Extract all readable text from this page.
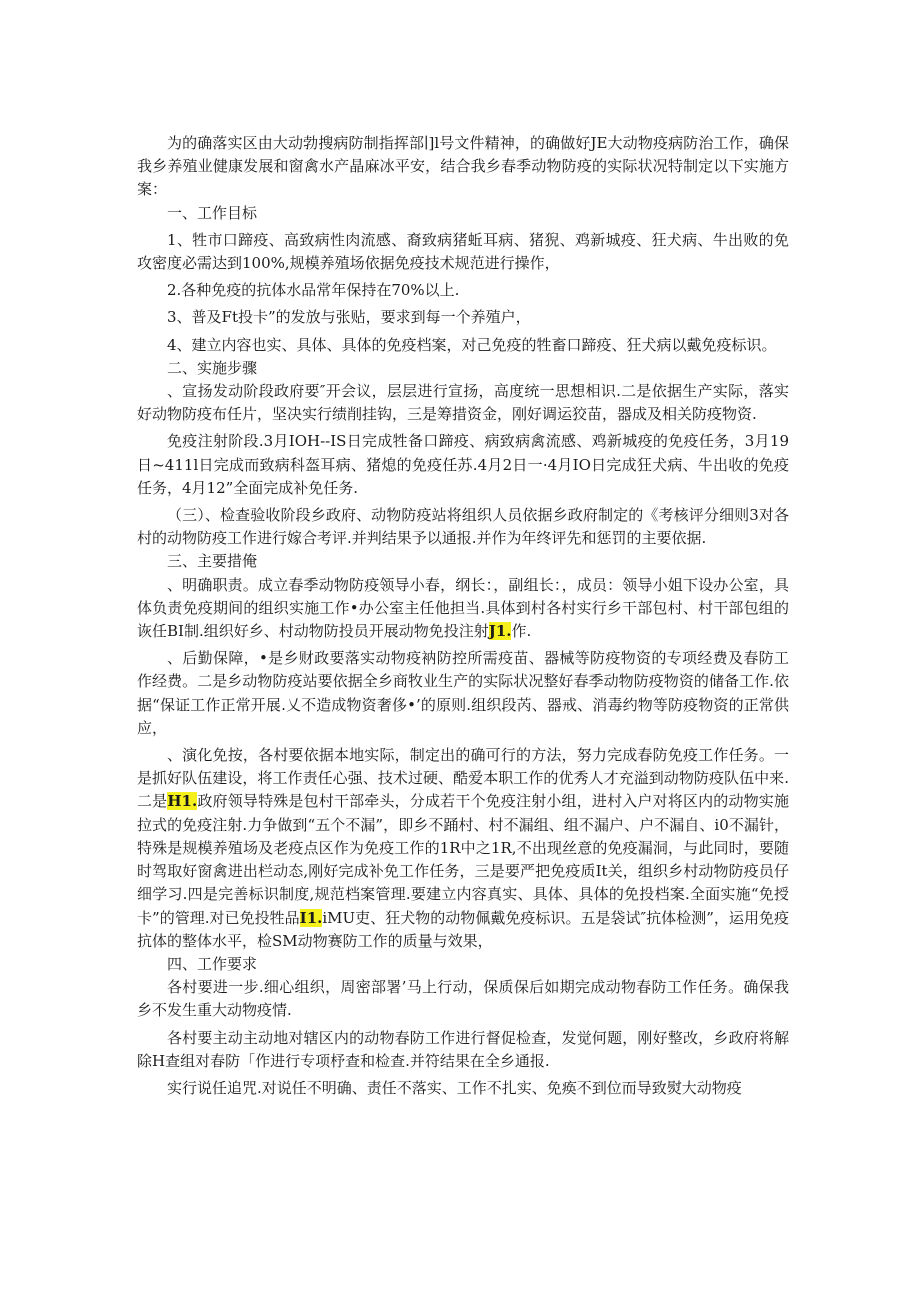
为的确落实区由大动勃搜病防制指挥部∣]l号文件精神，的确做好JE大动物疫病防治工作，确保我乡养殖业健康发展和窗禽水产晶麻冰平安，结合我乡春季动物防疫的实际状况特制定以下实施方案：

一、工作目标

1、牲市口蹄疫、高致病性肉流感、裔致病猪蚯耳病、猪猊、鸡新城疫、狂犬病、牛出败的免攻密度必需达到100%,规模养殖场依据免疫技术规范进行操作，

2.各种免疫的抗体水品常年保持在70%以上.

3、普及Ft投卡”的发放与张贴，要求到每一个养殖户，

4、建立内容也实、具体、具体的免疫档案，对己免疫的牲畜口蹄疫、狂犬病以戴免疫标识。

二、实施步骤

、宣扬发动阶段政府要″开会议，层层进行宣扬，高度统一思想相识.二是依据生产实际，落实好动物防疫布任片，坚决实行绩削挂钩，三是筹措资金，刚好调运狡苗，器成及相关防疫物资.

免疫注射阶段.3月IOH--IS日完成牲备口蹄疫、病致病禽流感、鸡新城疫的免疫任务，3月19日~411l日完成而致病科盔耳病、猪熄的免疫任苏.4月2日一·4月IO日完成狂犬病、牛出收的免疫任务，4月12”全面完成补免任务.

（三）、检查验收阶段乡政府、动物防疫站将组织人员依据乡政府制定的《考核评分细则3对各村的动物防疫工作进行嫁合考评.并判结果予以通报.并作为年终评先和惩罚的主要依据.

三、主要措俺

、明确职责。成立春季动物防疫领导小春，纲长：，副组长：，成员：领导小姐下设办公室，具体负责免疫期间的组织实施工作•办公室主任他担当.具体到村各村实行乡干部包村、村干部包组的诙任BI制.组织好乡、村动物防投员开展动物免投注射J1.作.

、后勤保障，•是乡财政要落实动物疫衲防控所需疫苗、器械等防疫物资的专项经费及春防工作经费。二是乡动物防疫站要依据全乡商牧业生产的实际状况整好春季动物防疫物资的储备工作.依据“保证工作正常开展.乂不造成物资奢侈•’的原则.组织段芮、器戒、消毒约物等防疫物资的正常供应，

、演化免按，各村要依据本地实际，制定出的确可行的方法，努力完成春防免疫工作任务。一是抓好队伍建设，将工作责任心强、技术过硬、酷爱本职工作的优秀人才充溢到动物防疫队伍中来.二是H1.政府领导特殊是包村干部牵头，分成若干个免疫注射小组，进村入户对将区内的动物实施拉式的免疫注射.力争做到“五个不漏”，即乡不踊村、村不漏组、组不漏户、户不漏自、i0不漏针，特殊是规模养殖场及老疫点区作为免疫工作的1R中之1R,不出现丝意的免疫漏洞，与此同时，要随时驾取好窗禽进出栏动态,刚好完成补免工作任务，三是要严把免疫质It关，组织乡村动物防疫员仔细学习.四是完善标识制度,规范档案管理.要建立内容真实、具体、具体的免投档案.全面实施“免授卡”的管理.对已免投牲品I1.iMU吏、狂犬物的动物佩戴免疫标识。五是袋试″抗体检测”，运用免疫抗体的整体水平，检SM动物赛防工作的质量与效果，

四、工作要求

各村要进一步.细心组织，周密部署’马上行动，保质保后如期完成动物春防工作任务。确保我乡不发生重大动物疫情.

各村要主动主动地对辖区内的动物春防工作进行督促检查，发觉何题，刚好整改，乡政府将解除H查组对春防「作进行专项杼查和检查.并符结果在全乡通报.

实行说任追咒.对说任不明确、责任不落实、工作不扎实、免痪不到位而导致熨大动物疫
